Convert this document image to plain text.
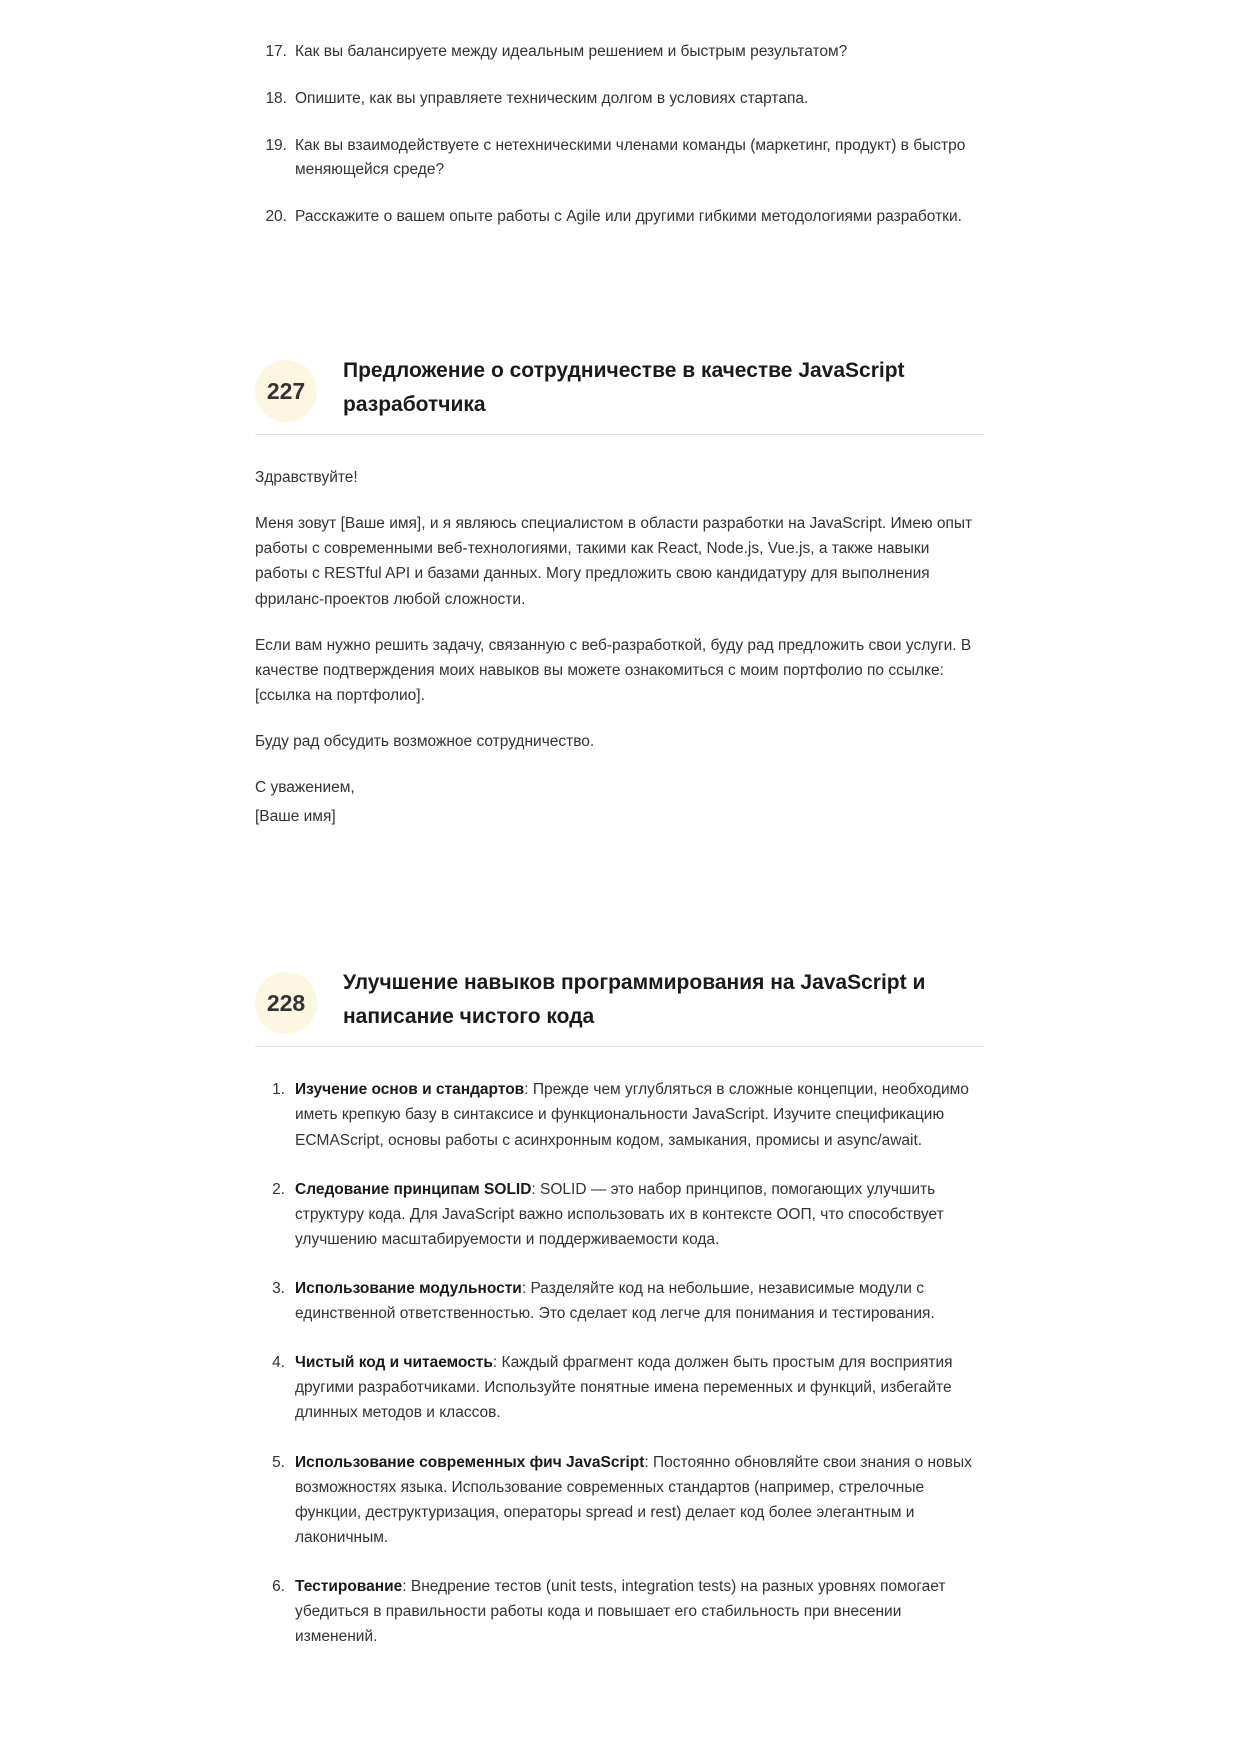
17. Как вы балансируете между идеальным решением и быстрым результатом?
18. Опишите, как вы управляете техническим долгом в условиях стартапа.
19. Как вы взаимодействуете с нетехническими членами команды (маркетинг, продукт) в быстро меняющейся среде?
20. Расскажите о вашем опыте работы с Agile или другими гибкими методологиями разработки.
227
Предложение о сотрудничестве в качестве JavaScript разработчика

Здравствуйте!

Меня зовут [Ваше имя], и я являюсь специалистом в области разработки на JavaScript. Имею опыт работы с современными веб-технологиями, такими как React, Node.js, Vue.js, а также навыки работы с RESTful API и базами данных. Могу предложить свою кандидатуру для выполнения фриланс-проектов любой сложности.

Если вам нужно решить задачу, связанную с веб-разработкой, буду рад предложить свои услуги. В качестве подтверждения моих навыков вы можете ознакомиться с моим портфолио по ссылке: [ссылка на портфолио].

Буду рад обсудить возможное сотрудничество.

С уважением,

[Ваше имя]

228
Улучшение навыков программирования на JavaScript и написание чистого кода
1. Изучение основ и стандартов: Прежде чем углубляться в сложные концепции, необходимо иметь крепкую базу в синтаксисе и функциональности JavaScript. Изучите спецификацию ECMAScript, основы работы с асинхронным кодом, замыкания, промисы и async/await.
2. Следование принципам SOLID: SOLID — это набор принципов, помогающих улучшить структуру кода. Для JavaScript важно использовать их в контексте ООП, что способствует улучшению масштабируемости и поддерживаемости кода.
3. Использование модульности: Разделяйте код на небольшие, независимые модули с единственной ответственностью. Это сделает код легче для понимания и тестирования.
4. Чистый код и читаемость: Каждый фрагмент кода должен быть простым для восприятия другими разработчиками. Используйте понятные имена переменных и функций, избегайте длинных методов и классов.
5. Использование современных фич JavaScript: Постоянно обновляйте свои знания о новых возможностях языка. Использование современных стандартов (например, стрелочные функции, деструктуризация, операторы spread и rest) делает код более элегантным и лаконичным.
6. Тестирование: Внедрение тестов (unit tests, integration tests) на разных уровнях помогает убедиться в правильности работы кода и повышает его стабильность при внесении изменений.
